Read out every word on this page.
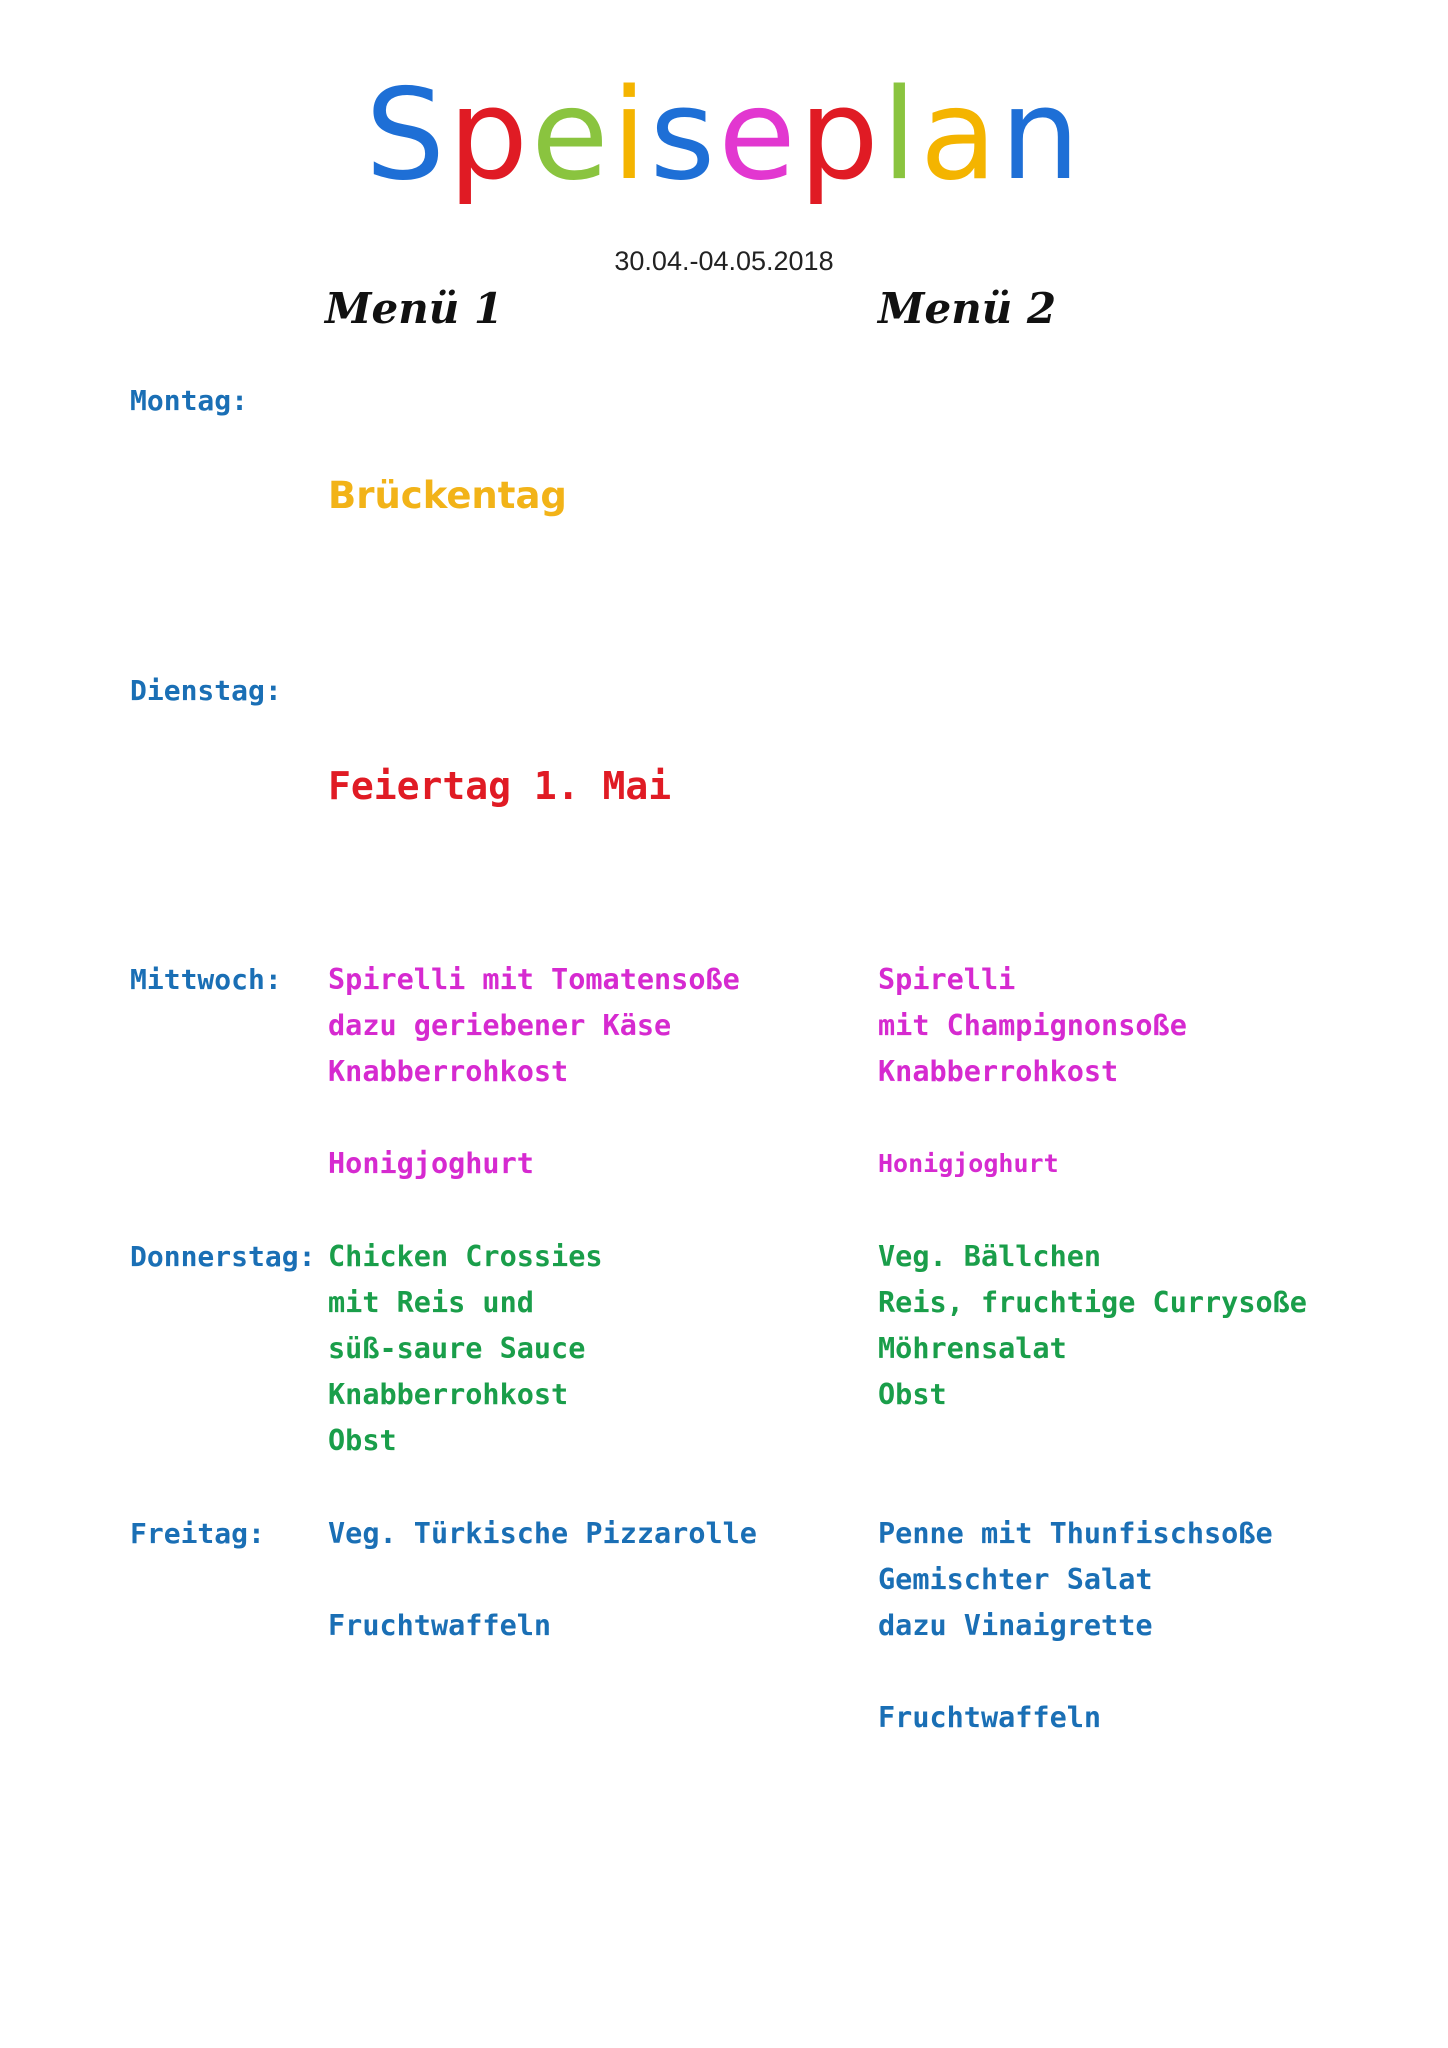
Speiseplan
30.04.-04.05.2018
Menü 1	Menü 2
Montag:
Brückentag
Dienstag:
Feiertag 1. Mai
Mittwoch: Spirelli mit Tomatensoße
dazu geriebener Käse
Knabberrohkost
Honigjoghurt
Spirelli
mit Champignonsoße
Knabberrohkost
Honigjoghurt
Donnerstag: Chicken Crossies
mit Reis und
süß-saure Sauce
Knabberrohkost
Obst
Veg. Bällchen
Reis, fruchtige Currysoße
Möhrensalat
Obst
Freitag: Veg. Türkische Pizzarolle
Fruchtwaffeln
Penne mit Thunfischsoße
Gemischter Salat
dazu Vinaigrette
Fruchtwaffeln
